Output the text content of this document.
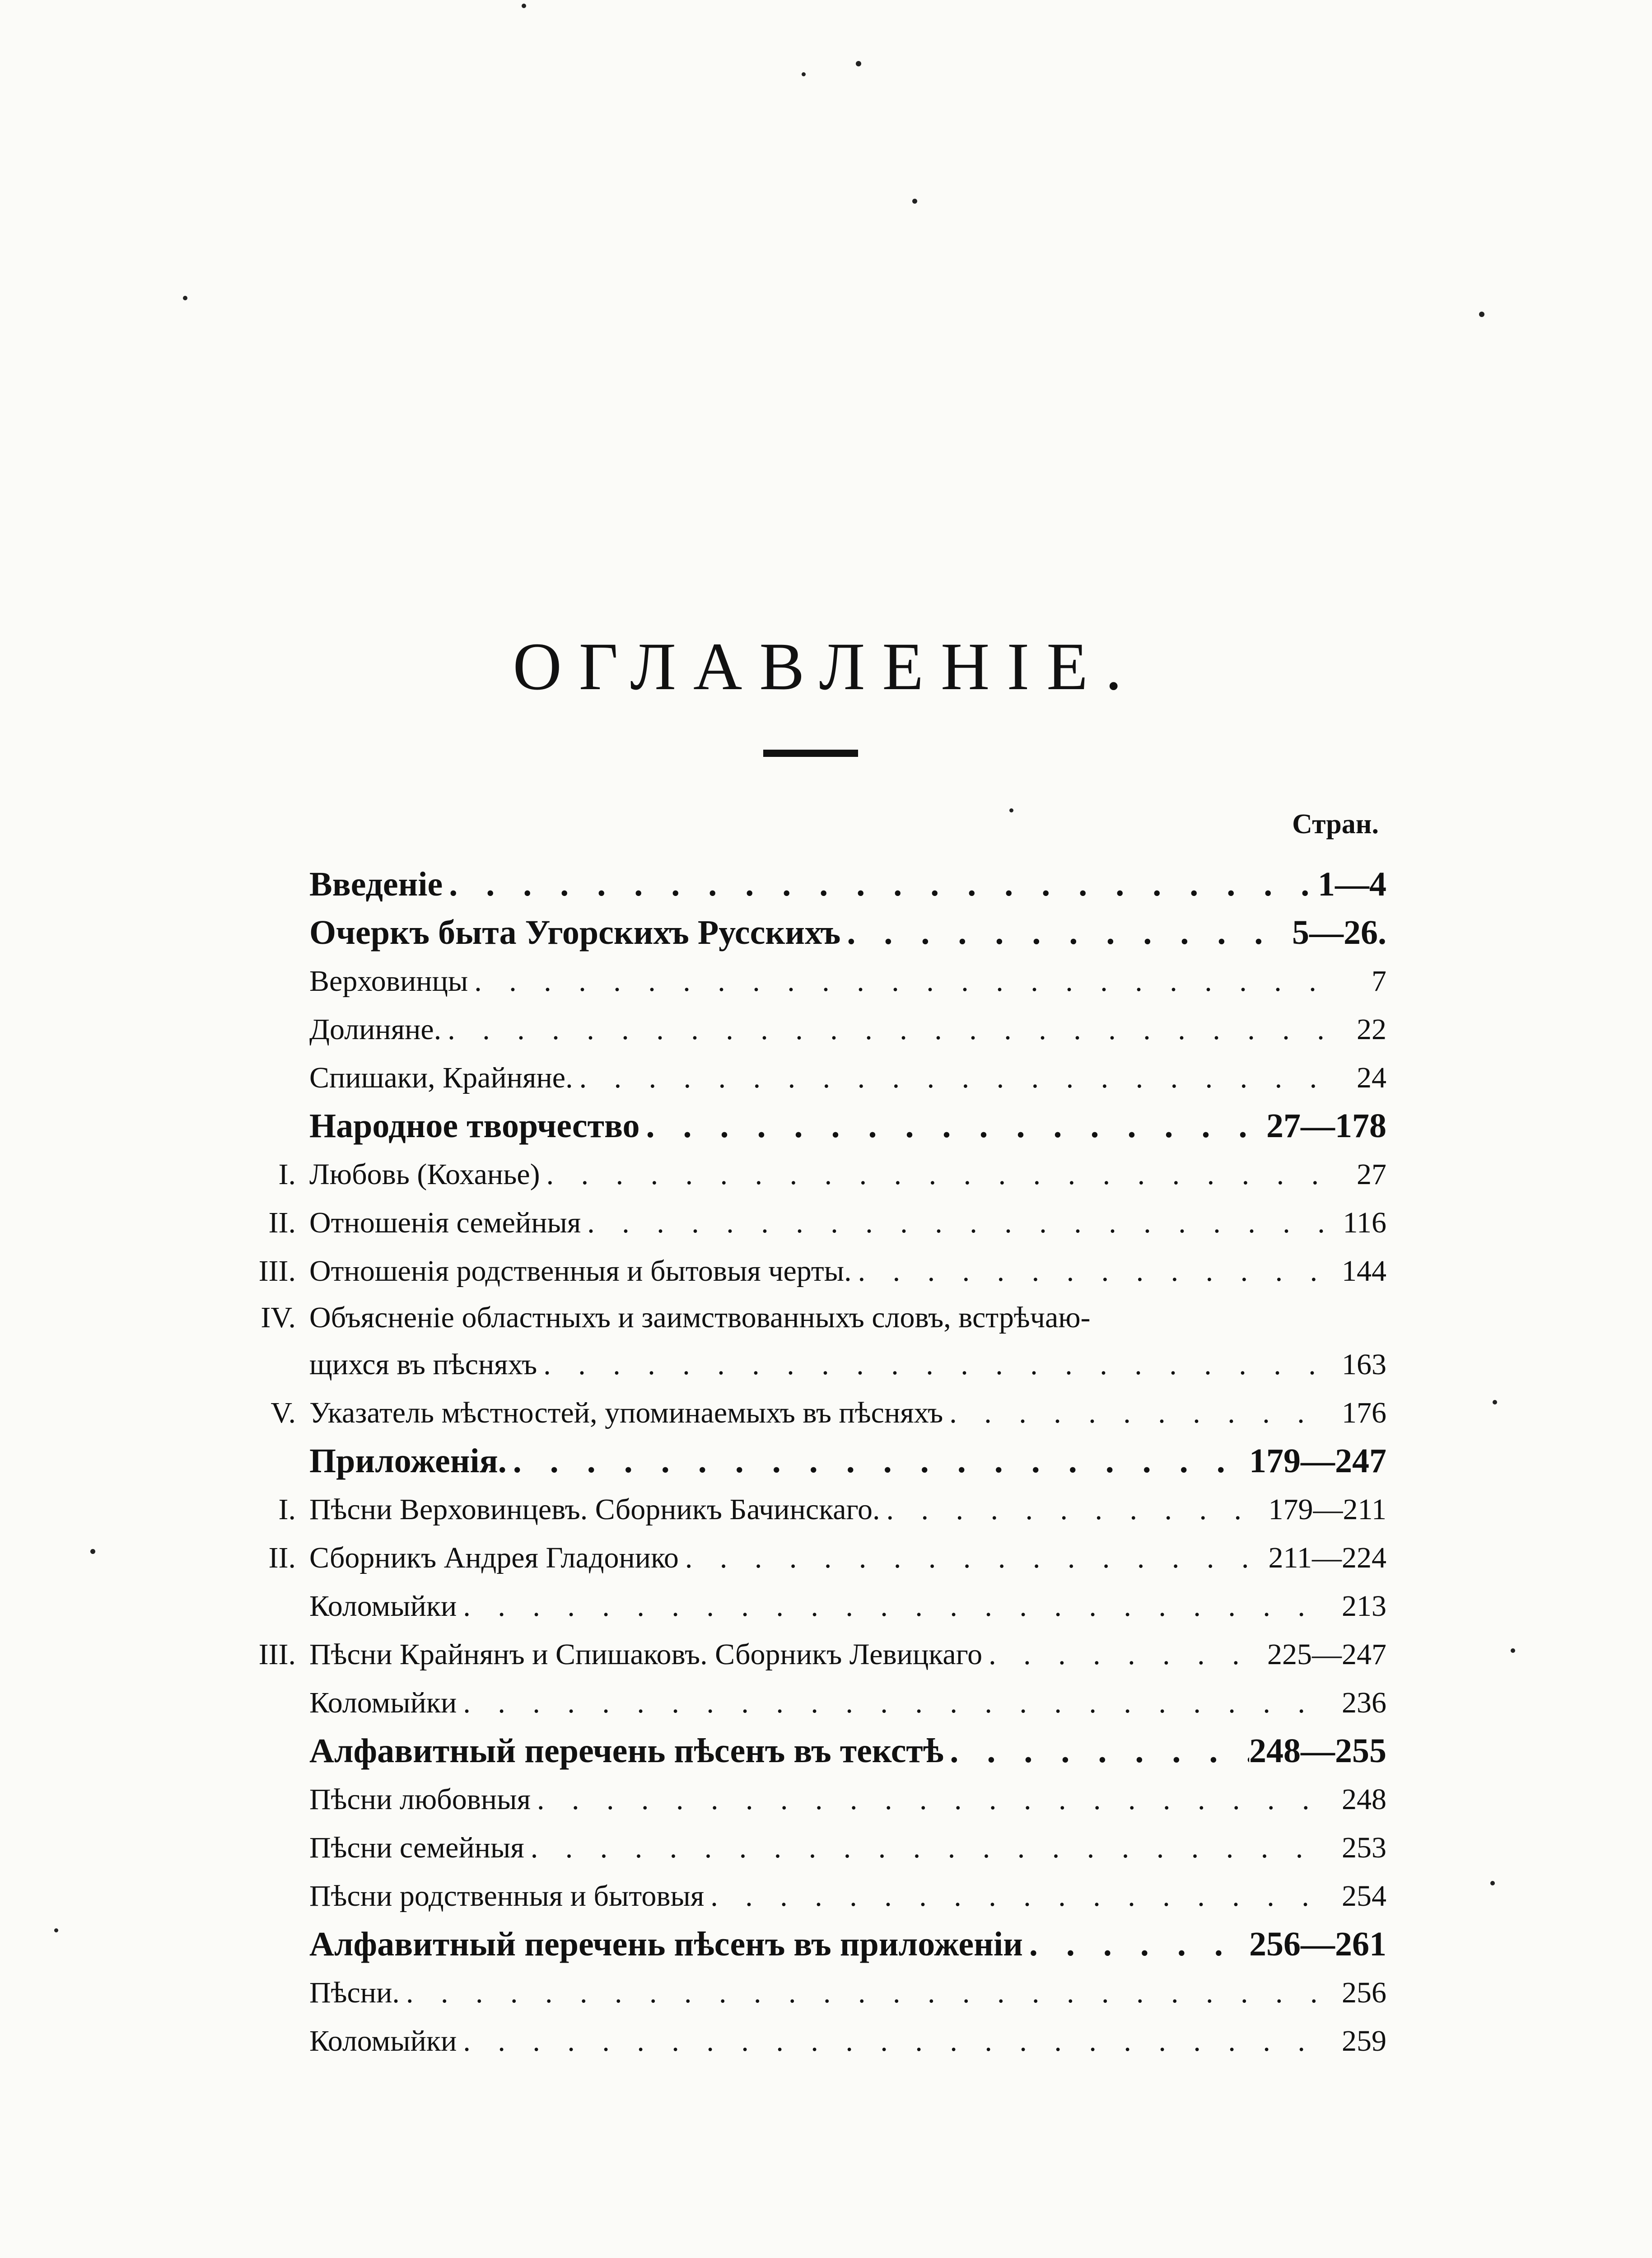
ОГЛАВЛЕНІЕ.
Стран.
Введеніе . . .	1—4
Очеркъ быта Угорскихъ Русскихъ . . .	5—26.
Верховинцы . . .	7
Долиняне. . . .	22
Спишаки, Крайняне. . . .	24
Народное творчество . . .	27—178
I. Любовь (Коханье) . . .	27
II. Отношенія семейныя . . .	116
III. Отношенія родственныя и бытовыя черты. . . .	144
IV. Объясненіе областныхъ и заимствованныхъ словъ, встрѣчаю-
щихся въ пѣсняхъ . . .	163
V. Указатель мѣстностей, упоминаемыхъ въ пѣсняхъ . . .	176
Приложенія. . . .	179—247
I. Пѣсни Верховинцевъ. Сборникъ Бачинскаго. . . .	179—211
II. Сборникъ Андрея Гладонико . . .	211—224
Коломыйки . . .	213
III. Пѣсни Крайнянъ и Спишаковъ. Сборникъ Левицкаго . . .	225—247
Коломыйки . . .	236
Алфавитный перечень пѣсенъ въ текстѣ . . .	248—255
Пѣсни любовныя . . .	248
Пѣсни семейныя . . .	253
Пѣсни родственныя и бытовыя . . .	254
Алфавитный перечень пѣсенъ въ приложеніи . . .	256—261
Пѣсни. . . .	256
Коломыйки . . .	259
